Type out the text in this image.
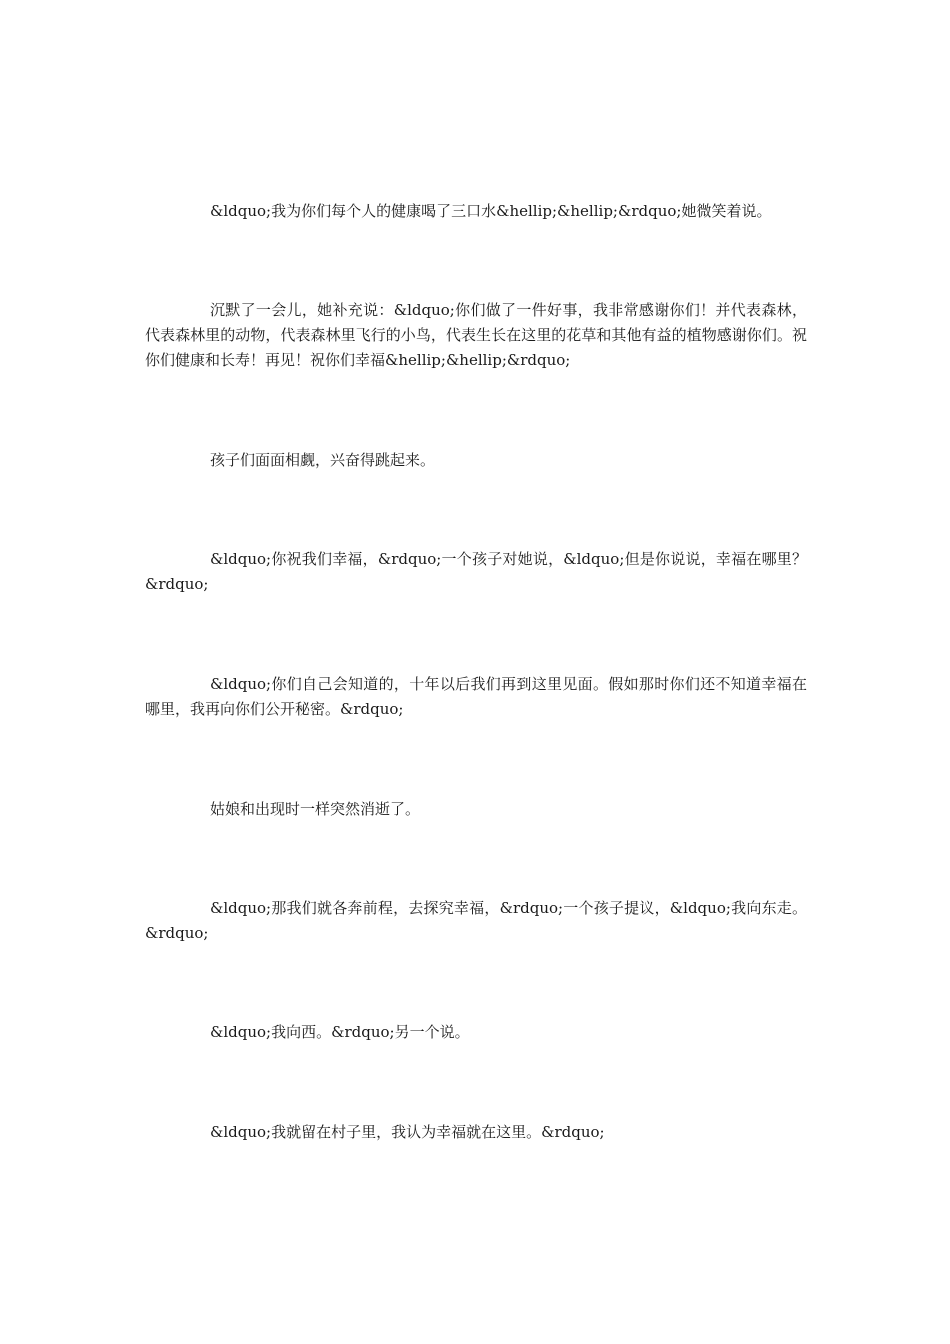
&ldquo;我为你们每个人的健康喝了三口水&hellip;&hellip;&rdquo;她微笑着说。

沉默了一会儿，她补充说：&ldquo;你们做了一件好事，我非常感谢你们！并代表森林，代表森林里的动物，代表森林里飞行的小鸟，代表生长在这里的花草和其他有益的植物感谢你们。祝你们健康和长寿！再见！祝你们幸福&hellip;&hellip;&rdquo;

孩子们面面相觑，兴奋得跳起来。

&ldquo;你祝我们幸福，&rdquo;一个孩子对她说，&ldquo;但是你说说，幸福在哪里？&rdquo;

&ldquo;你们自己会知道的，十年以后我们再到这里见面。假如那时你们还不知道幸福在哪里，我再向你们公开秘密。&rdquo;

姑娘和出现时一样突然消逝了。

&ldquo;那我们就各奔前程，去探究幸福，&rdquo;一个孩子提议，&ldquo;我向东走。&rdquo;

&ldquo;我向西。&rdquo;另一个说。

&ldquo;我就留在村子里，我认为幸福就在这里。&rdquo;
